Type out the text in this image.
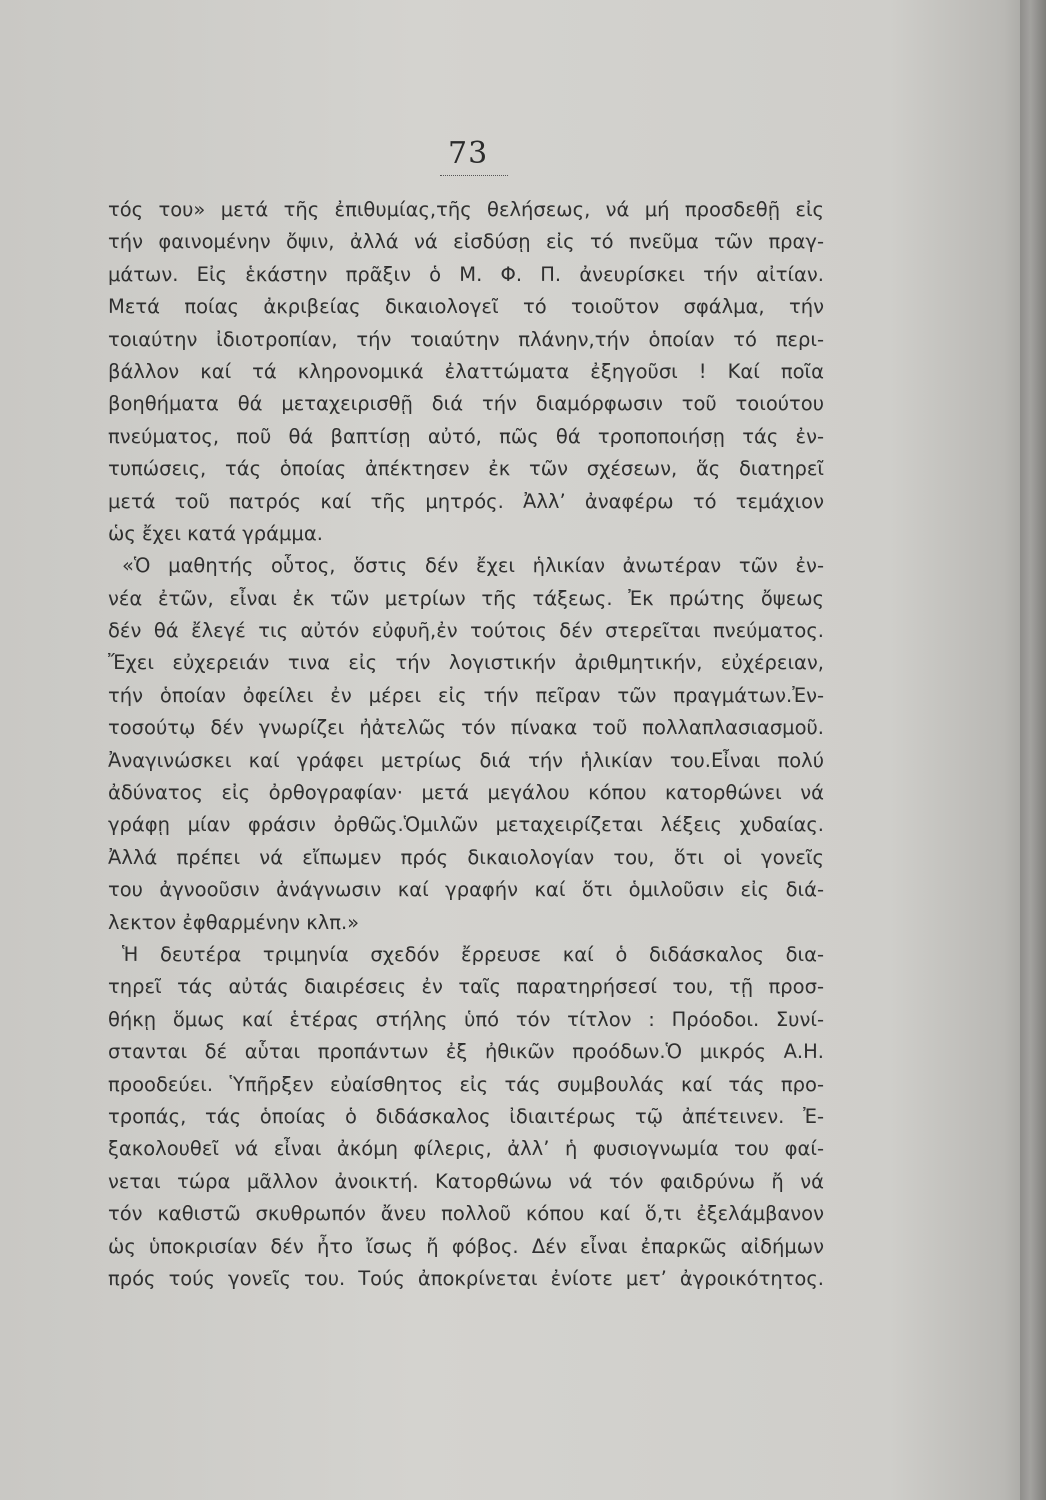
73
τός του» μετά τῆς ἐπιθυμίας,τῆς θελήσεως, νά μή προσδεθῇ εἰς
τήν φαινομένην ὄψιν, ἀλλά νά εἰσδύσῃ εἰς τό πνεῦμα τῶν πραγ-
μάτων. Εἰς ἑκάστην πρᾶξιν ὁ Μ. Φ. Π. ἀνευρίσκει τήν αἰτίαν.
Μετά ποίας ἀκριβείας δικαιολογεῖ τό τοιοῦτον σφάλμα, τήν
τοιαύτην ἰδιοτροπίαν, τήν τοιαύτην πλάνην,τήν ὁποίαν τό περι-
βάλλον καί τά κληρονομικά ἐλαττώματα ἐξηγοῦσι ! Καί ποῖα
βοηθήματα θά μεταχειρισθῇ διά τήν διαμόρφωσιν τοῦ τοιούτου
πνεύματος, ποῦ θά βαπτίσῃ αὐτό, πῶς θά τροποποιήσῃ τάς ἐν-
τυπώσεις, τάς ὁποίας ἀπέκτησεν ἐκ τῶν σχέσεων, ἅς διατηρεῖ
μετά τοῦ πατρός καί τῆς μητρός. Ἀλλ’ ἀναφέρω τό τεμάχιον
ὡς ἔχει κατά γράμμα.
«Ὁ μαθητής οὗτος, ὅστις δέν ἔχει ἡλικίαν ἀνωτέραν τῶν ἐν-
νέα ἐτῶν, εἶναι ἐκ τῶν μετρίων τῆς τάξεως. Ἐκ πρώτης ὄψεως
δέν θά ἔλεγέ τις αὐτόν εὐφυῆ,ἐν τούτοις δέν στερεῖται πνεύματος.
Ἔχει εὐχερειάν τινα εἰς τήν λογιστικήν ἀριθμητικήν, εὐχέρειαν,
τήν ὁποίαν ὀφείλει ἐν μέρει εἰς τήν πεῖραν τῶν πραγμάτων.Ἐν-
τοσούτῳ δέν γνωρίζει ἠἀτελῶς τόν πίνακα τοῦ πολλαπλασιασμοῦ.
Ἀναγινώσκει καί γράφει μετρίως διά τήν ἡλικίαν του.Εἶναι πολύ
ἀδύνατος εἰς ὀρθογραφίαν· μετά μεγάλου κόπου κατορθώνει νά
γράφῃ μίαν φράσιν ὀρθῶς.Ὁμιλῶν μεταχειρίζεται λέξεις χυδαίας.
Ἀλλά πρέπει νά εἴπωμεν πρός δικαιολογίαν του, ὅτι οἱ γονεῖς
του ἀγνοοῦσιν ἀνάγνωσιν καί γραφήν καί ὅτι ὁμιλοῦσιν εἰς διά-
λεκτον ἐφθαρμένην κλπ.»
Ἡ δευτέρα τριμηνία σχεδόν ἔρρευσε καί ὁ διδάσκαλος δια-
τηρεῖ τάς αὐτάς διαιρέσεις ἐν ταῖς παρατηρήσεσί του, τῇ προσ-
θήκῃ ὅμως καί ἑτέρας στήλης ὑπό τόν τίτλον : Πρόοδοι. Συνί-
στανται δέ αὗται προπάντων ἐξ ἠθικῶν προόδων.Ὁ μικρός Α.Η.
προοδεύει. Ὑπῆρξεν εὐαίσθητος εἰς τάς συμβουλάς καί τάς προ-
τροπάς, τάς ὁποίας ὁ διδάσκαλος ἰδιαιτέρως τῷ ἀπέτεινεν. Ἐ-
ξακολουθεῖ νά εἶναι ἀκόμη φίλερις, ἀλλ’ ἡ φυσιογνωμία του φαί-
νεται τώρα μᾶλλον ἀνοικτή. Κατορθώνω νά τόν φαιδρύνω ἤ νά
τόν καθιστῶ σκυθρωπόν ἄνευ πολλοῦ κόπου καί ὅ,τι ἐξελάμβανον
ὡς ὑποκρισίαν δέν ἦτο ἴσως ἤ φόβος. Δέν εἶναι ἐπαρκῶς αἰδήμων
πρός τούς γονεῖς του. Τούς ἀποκρίνεται ἐνίοτε μετ’ ἀγροικότητος.
